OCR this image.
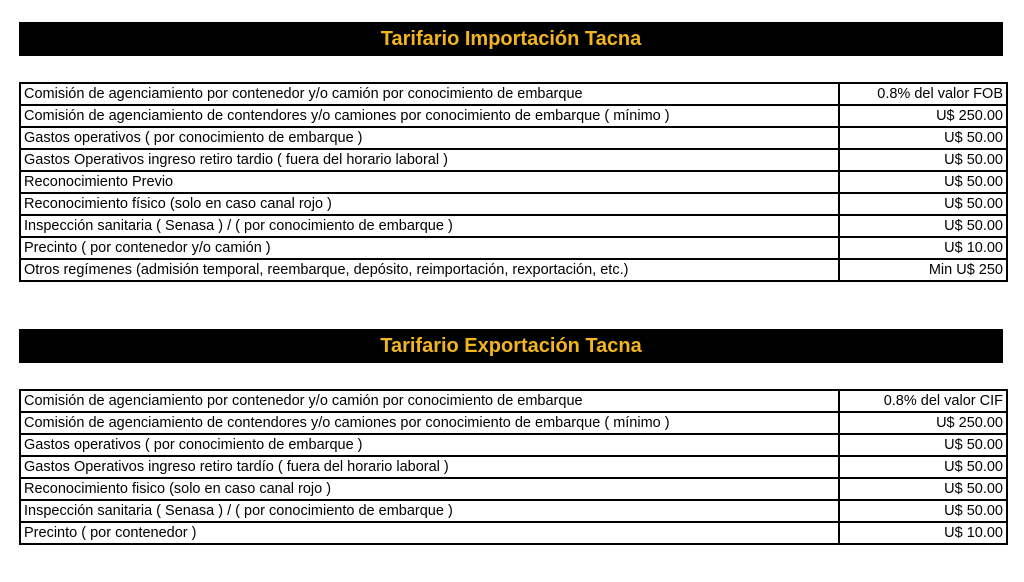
Tarifario Importación Tacna
Comisión de agenciamiento por contenedor y/o camión por conocimiento de embarque	0.8% del valor FOB
Comisión de agenciamiento de contendores y/o camiones por conocimiento de embarque ( mínimo )	U$ 250.00
Gastos operativos ( por conocimiento de embarque )	U$ 50.00
Gastos Operativos ingreso retiro tardio ( fuera del horario laboral )	U$ 50.00
Reconocimiento Previo	U$ 50.00
Reconocimiento físico (solo en caso canal rojo )	U$ 50.00
Inspección sanitaria ( Senasa ) / ( por conocimiento de embarque )	U$ 50.00
Precinto ( por contenedor y/o camión )	U$ 10.00
Otros regímenes (admisión temporal, reembarque, depósito, reimportación, rexportación, etc.)	Min U$ 250
Tarifario Exportación Tacna
Comisión de agenciamiento por contenedor y/o camión por conocimiento de embarque	0.8% del valor CIF
Comisión de agenciamiento de contendores y/o camiones por conocimiento de embarque ( mínimo )	U$ 250.00
Gastos operativos ( por conocimiento de embarque )	U$ 50.00
Gastos Operativos ingreso retiro tardío ( fuera del horario laboral )	U$ 50.00
Reconocimiento fisico (solo en caso canal rojo )	U$ 50.00
Inspección sanitaria ( Senasa ) / ( por conocimiento de embarque )	U$ 50.00
Precinto ( por contenedor )	U$ 10.00
